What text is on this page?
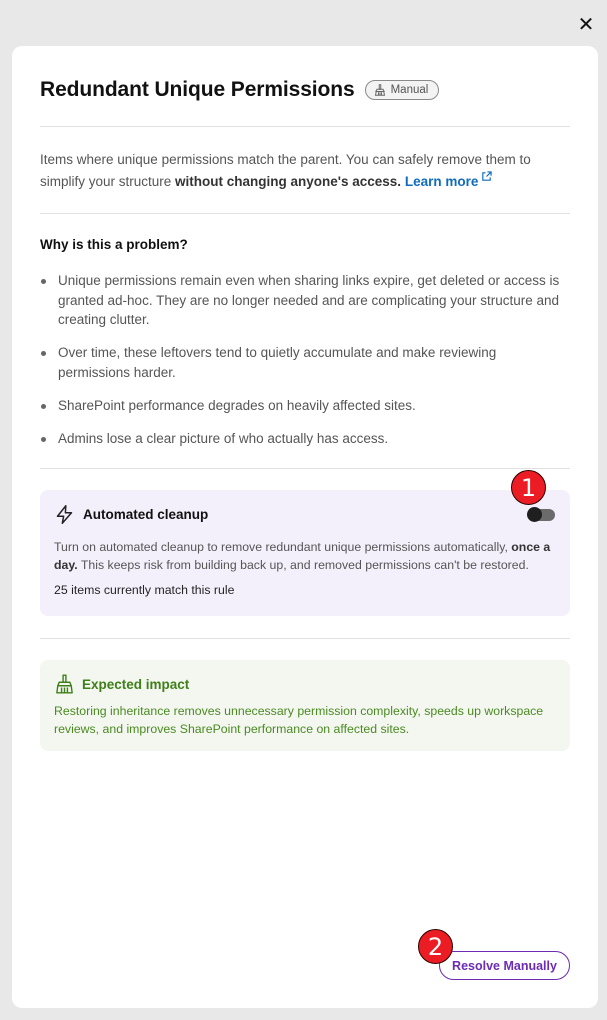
✕
Redundant Unique Permissions	Manual
Items where unique permissions match the parent. You can safely remove them to simplify your structure without changing anyone's access. Learn more
Why is this a problem?
Unique permissions remain even when sharing links expire, get deleted or access is granted ad-hoc. They are no longer needed and are complicating your structure and creating clutter.
Over time, these leftovers tend to quietly accumulate and make reviewing permissions harder.
SharePoint performance degrades on heavily affected sites.
Admins lose a clear picture of who actually has access.
Automated cleanup
Turn on automated cleanup to remove redundant unique permissions automatically, once a day. This keeps risk from building back up, and removed permissions can't be restored.
25 items currently match this rule
Expected impact
Restoring inheritance removes unnecessary permission complexity, speeds up workspace reviews, and improves SharePoint performance on affected sites.
Resolve Manually
1
2
